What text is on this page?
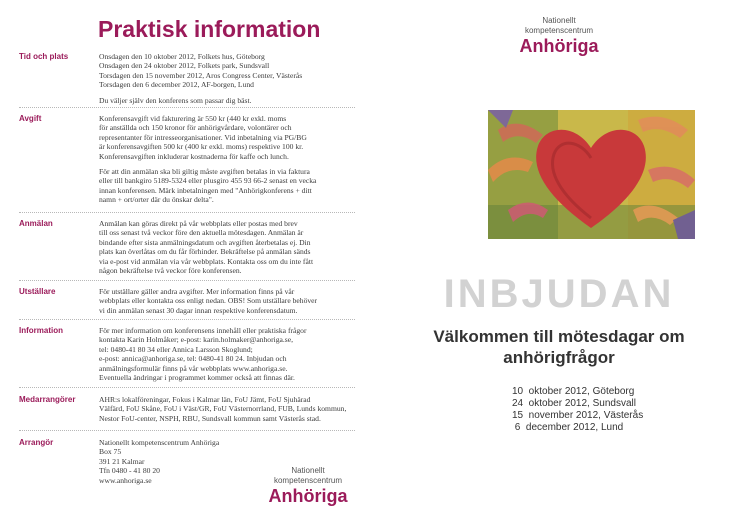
Praktisk information
Tid och plats	Onsdagen den 10 oktober 2012, Folkets hus, Göteborg
Onsdagen den 24 oktober 2012, Folkets park, Sundsvall
Torsdagen den 15 november 2012, Aros Congress Center, Västerås
Torsdagen den 6 december 2012, AF-borgen, Lund

Du väljer själv den konferens som passar dig bäst.

Avgift	Konferensavgift vid fakturering är 550 kr (440 kr exkl. moms
för anställda och 150 kronor för anhörigvårdare, volontärer och
representanter för intresseorganisationer. Vid inbetalning via PG/BG
är konferensavgiften 500 kr (400 kr exkl. moms) respektive 100 kr.
Konferensavgiften inkluderar kostnaderna för kaffe och lunch.

För att din anmälan ska bli giltig måste avgiften betalas in via faktura
eller till bankgiro 5189-5324 eller plusgiro 455 93 66-2 senast en vecka
innan konferensen. Märk inbetalningen med "Anhörigkonferens + ditt
namn + ort/orter där du önskar delta".

Anmälan	Anmälan kan göras direkt på vår webbplats eller postas med brev
till oss senast två veckor före den aktuella mötesdagen. Anmälan är
bindande efter sista anmälningsdatum och avgiften återbetalas ej. Din
plats kan överlåtas om du får förhinder. Bekräftelse på anmälan sänds
via e-post vid anmälan via vår webbplats. Kontakta oss om du inte fått
någon bekräftelse två veckor före konferensen.

Utställare	För utställare gäller andra avgifter. Mer information finns på vår
webbplats eller kontakta oss enligt nedan. OBS! Som utställare behöver
vi din anmälan senast 30 dagar innan respektive konferensdatum.

Information	För mer information om konferensens innehåll eller praktiska frågor
kontakta Karin Holmåker; e-post: karin.holmaker@anhoriga.se,
tel: 0480-41 80 34 eller Annica Larsson Skoglund;
e-post: annica@anhoriga.se, tel: 0480-41 80 24. Inbjudan och
anmälningsformulär finns på vår webbplats www.anhoriga.se.
Eventuella ändringar i programmet kommer också att finnas där.

Medarrangörer	AHR:s lokalföreningar, Fokus i Kalmar län, FoU Jämt, FoU Sjuhärad
Välfärd, FoU Skåne, FoU i Väst/GR, FoU Västernorrland, FUB, Lunds kommun,
Nestor FoU-center, NSPH, RBU, Sundsvall kommun samt Västerås stad.

Arrangör	Nationellt kompetenscentrum Anhöriga
Box 75
391 21 Kalmar
Tfn 0480 - 41 80 20
www.anhoriga.se

Nationellt
kompetenscentrum
Anhöriga
Nationellt
kompetenscentrum
Anhöriga
INBJUDAN
Välkommen till mötesdagar om
anhörigfrågor
10  oktober 2012, Göteborg
24  oktober 2012, Sundsvall
15  november 2012, Västerås
6  december 2012, Lund
